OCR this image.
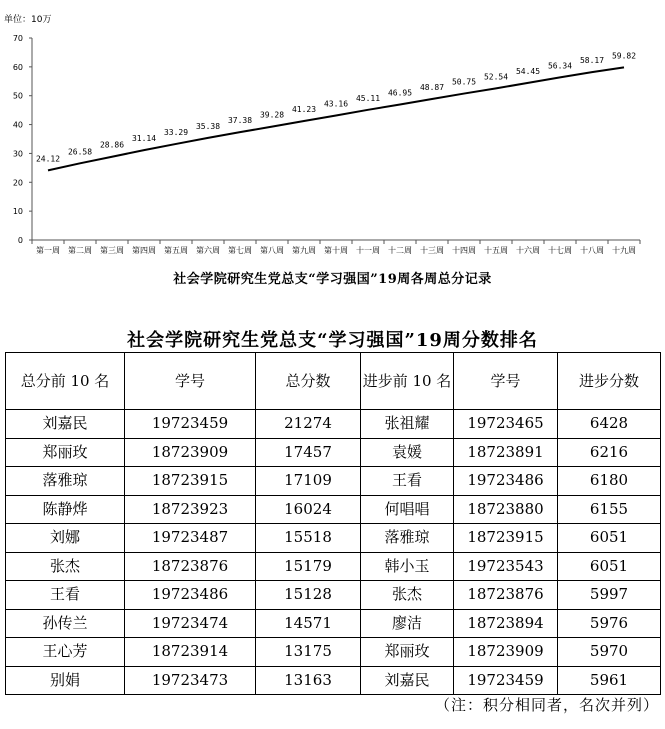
单位：10万
0
10
20
30
40
50
60
70
第一周 第二周 第三周 第四周 第五周 第六周 第七周 第八周 第九周 第十周 十一周 十二周 十三周 十四周 十五周 十六周 十七周 十八周 十九周
24.12
26.58
28.86
31.14
33.29
35.38
37.38
39.28
41.23
43.16
45.11
46.95
48.87
50.75
52.54
54.45
56.34
58.17
59.82
社会学院研究生党总支“学习强国”19周各周总分记录
社会学院研究生党总支“学习强国”19周分数排名
总分前 10 名	学号	总分数	进步前 10 名	学号	进步分数
刘嘉民	19723459	21274	张祖耀	19723465	6428
郑丽玫	18723909	17457	袁媛	18723891	6216
落雅琼	18723915	17109	王看	19723486	6180
陈静烨	18723923	16024	何唱唱	18723880	6155
刘娜	19723487	15518	落雅琼	18723915	6051
张杰	18723876	15179	韩小玉	19723543	6051
王看	19723486	15128	张杰	18723876	5997
孙传兰	19723474	14571	廖洁	18723894	5976
王心芳	18723914	13175	郑丽玫	18723909	5970
别娟	19723473	13163	刘嘉民	19723459	5961
（注：积分相同者，名次并列）
